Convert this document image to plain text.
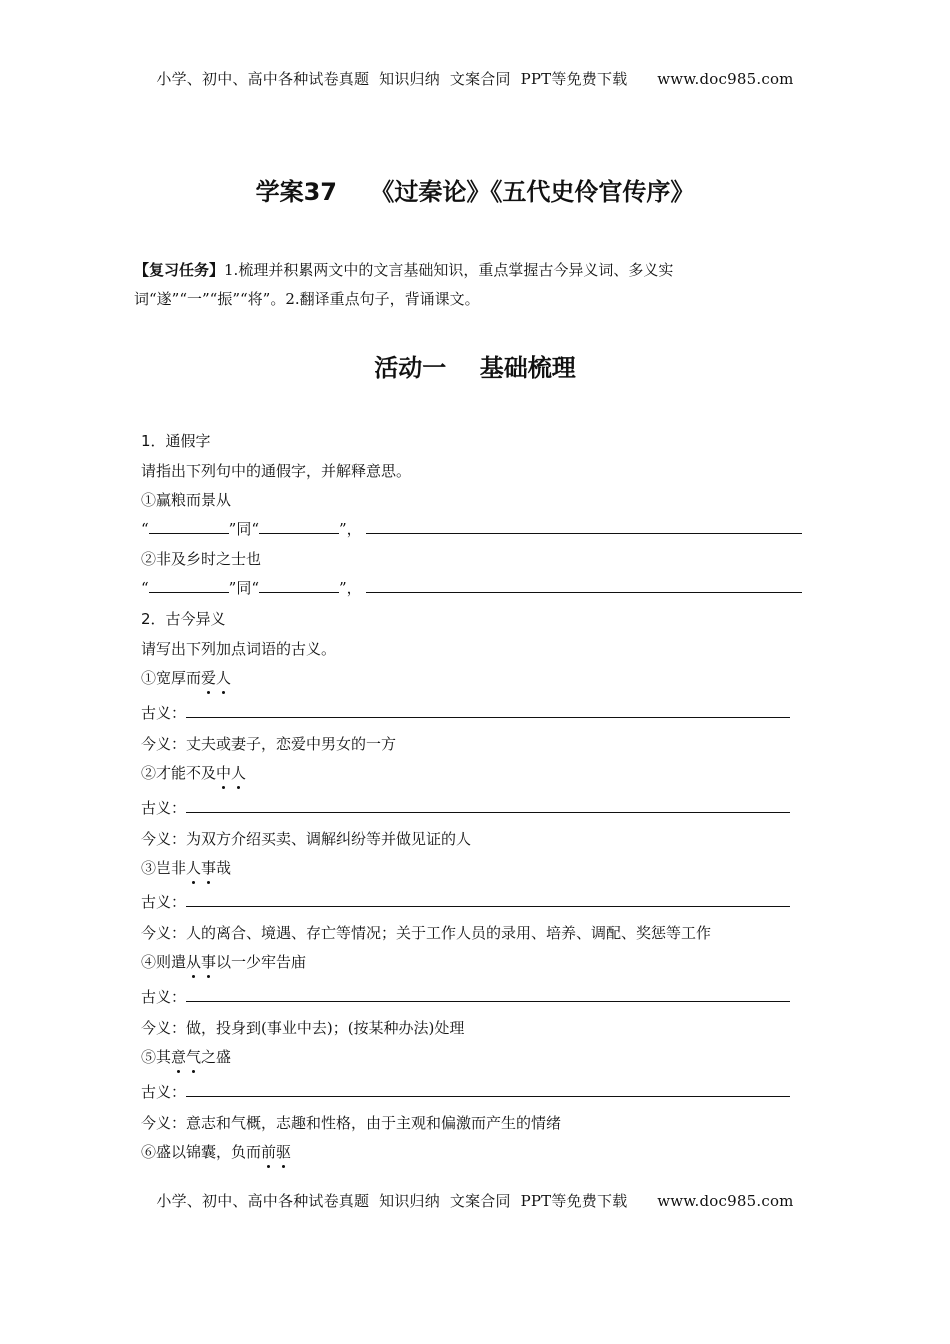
小学、初中、高中各种试卷真题  知识归纳  文案合同  PPT等免费下载      www.doc985.com
学案37    《过秦论》《五代史伶官传序》
【复习任务】1.梳理并积累两文中的文言基础知识，重点掌握古今异义词、多义实词“遂”“一”“振”“将”。2.翻译重点句子，背诵课文。
活动一    基础梳理
1．通假字
请指出下列句中的通假字，并解释意思。
①赢粮而景从
“	”同“	”，
②非及乡时之士也
“	”同“	”，
2．古今异义
请写出下列加点词语的古义。
①宽厚而爱人
古义：
今义：丈夫或妻子，恋爱中男女的一方
②才能不及中人
古义：
今义：为双方介绍买卖、调解纠纷等并做见证的人
③岂非人事哉
古义：
今义：人的离合、境遇、存亡等情况；关于工作人员的录用、培养、调配、奖惩等工作
④则遣从事以一少牢告庙
古义：
今义：做，投身到(事业中去)；(按某种办法)处理
⑤其意气之盛
古义：
今义：意志和气概，志趣和性格，由于主观和偏激而产生的情绪
⑥盛以锦囊，负而前驱
小学、初中、高中各种试卷真题  知识归纳  文案合同  PPT等免费下载      www.doc985.com
